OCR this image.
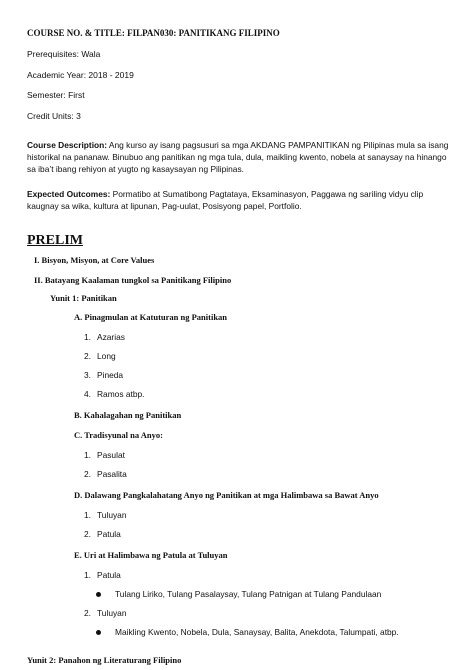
COURSE NO. & TITLE: FILPAN030: PANITIKANG FILIPINO
Prerequisites: Wala
Academic Year: 2018 - 2019
Semester: First
Credit Units: 3
Course Description: Ang kurso ay isang pagsusuri sa mga AKDANG PAMPANITIKAN ng Pilipinas mula sa isang historikal na pananaw. Binubuo ang panitikan ng mga tula, dula, maikling kwento, nobela at sanaysay na hinango sa iba’t ibang rehiyon at yugto ng kasaysayan ng Pilipinas.
Expected Outcomes: Pormatibo at Sumatibong Pagtataya, Eksaminasyon, Paggawa ng sariling vidyu clip kaugnay sa wika, kultura at lipunan, Pag-uulat, Posisyong papel, Portfolio.
PRELIM
I. Bisyon, Misyon, at Core Values
II. Batayang Kaalaman tungkol sa Panitikang Filipino
Yunit 1: Panitikan
A. Pinagmulan at Katuturan ng Panitikan
1. Azarias
2. Long
3. Pineda
4. Ramos atbp.
B. Kahalagahan ng Panitikan
C. Tradisyunal na Anyo:
1. Pasulat
2. Pasalita
D. Dalawang Pangkalahatang Anyo ng Panitikan at mga Halimbawa sa Bawat Anyo
1. Tuluyan
2. Patula
E. Uri at Halimbawa ng Patula at Tuluyan
1. Patula
Tulang Liriko, Tulang Pasalaysay, Tulang Patnigan at Tulang Pandulaan
2. Tuluyan
Maikling Kwento, Nobela, Dula, Sanaysay, Balita, Anekdota, Talumpati, atbp.
Yunit 2: Panahon ng Literaturang Filipino
